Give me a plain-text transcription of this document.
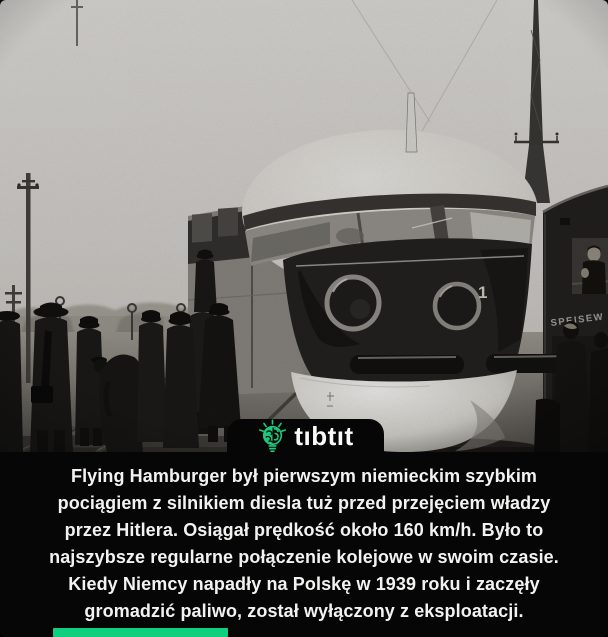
tıbtıt
Flying Hamburger był pierwszym niemieckim szybkim
pociągiem z silnikiem diesla tuż przed przejęciem władzy
przez Hitlera. Osiągał prędkość około 160 km/h. Było to
najszybsze regularne połączenie kolejowe w swoim czasie.
Kiedy Niemcy napadły na Polskę w 1939 roku i zaczęły
gromadzić paliwo, został wyłączony z eksploatacji.
